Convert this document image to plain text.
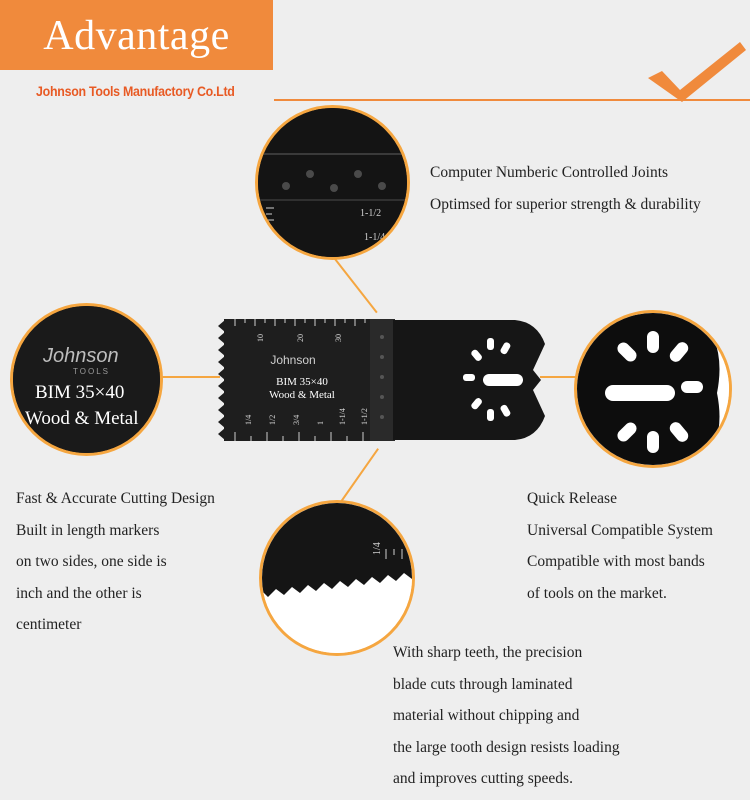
Advantage
Johnson Tools Manufactory Co.Ltd
10	20	30
1/4 1/2 3/4 1 1-1/4 1-1/2
Johnson
BIM 35×40
Wood & Metal
1-1/2
1-1/4
Johnson
TOOLS
BIM 35×40
Wood & Metal
1/4
Computer Numberic Controlled Joints
Optimsed for superior strength & durability
Fast & Accurate Cutting Design
Built in length markers
on two sides, one side is
inch and the other is
centimeter
Quick Release
Universal Compatible System
Compatible with most bands
of tools on the market.
With sharp teeth, the precision
blade cuts through laminated
material without chipping and
the large tooth design resists loading
and improves cutting speeds.
